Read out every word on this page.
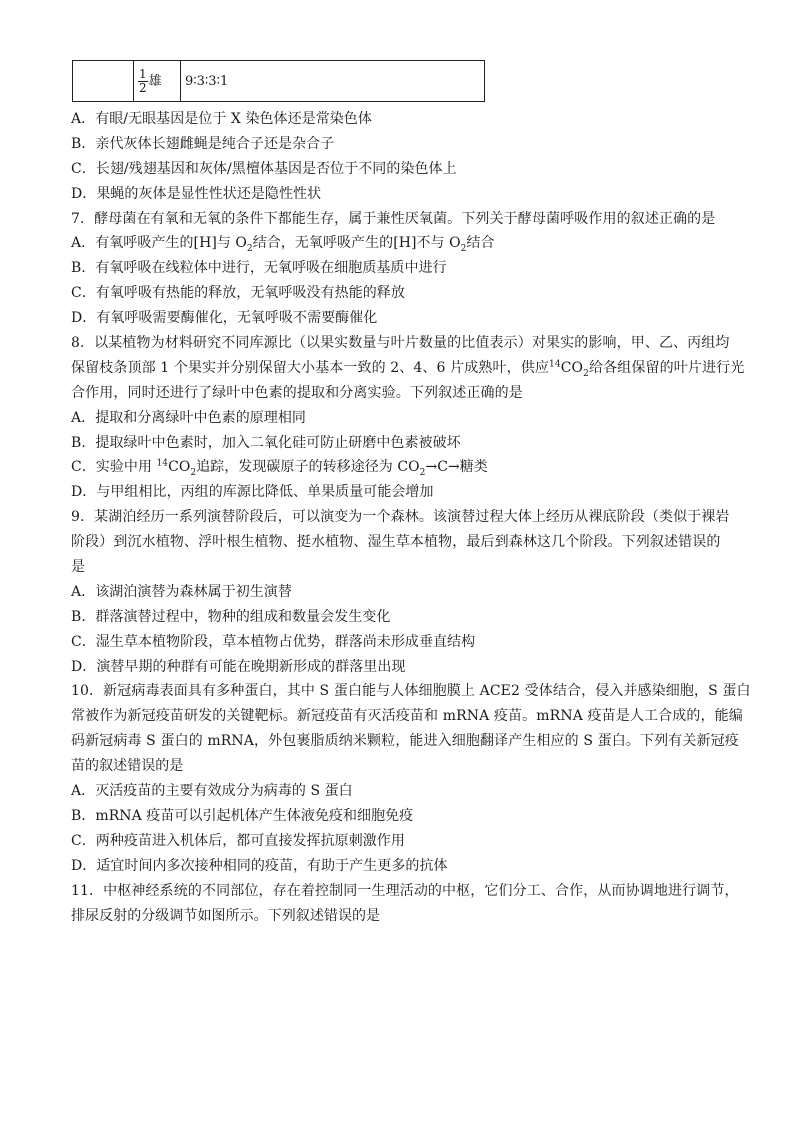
$\frac{1}{2}$ 雄	9∶3∶3∶1
A．有眼/无眼基因是位于 X 染色体还是常染色体
B．亲代灰体长翅雌蝇是纯合子还是杂合子
C．长翅/残翅基因和灰体/黑檀体基因是否位于不同的染色体上
D．果蝇的灰体是显性性状还是隐性性状
7．酵母菌在有氧和无氧的条件下都能生存，属于兼性厌氧菌。下列关于酵母菌呼吸作用的叙述正确的是
A．有氧呼吸产生的[H]与 $O_2$结合，无氧呼吸产生的[H]不与 $O_2$结合
B．有氧呼吸在线粒体中进行，无氧呼吸在细胞质基质中进行
C．有氧呼吸有热能的释放，无氧呼吸没有热能的释放
D．有氧呼吸需要酶催化，无氧呼吸不需要酶催化
8．以某植物为材料研究不同库源比（以果实数量与叶片数量的比值表示）对果实的影响，甲、乙、丙组均
保留枝条顶部 1 个果实并分别保留大小基本一致的 2、4、6 片成熟叶，供应$^{14}CO_2$给各组保留的叶片进行光
合作用，同时还进行了绿叶中色素的提取和分离实验。下列叙述正确的是
A．提取和分离绿叶中色素的原理相同
B．提取绿叶中色素时，加入二氧化硅可防止研磨中色素被破坏
C．实验中用 $^{14}CO_2$追踪，发现碳原子的转移途径为 $CO_2\to C\to$糖类
D．与甲组相比，丙组的库源比降低、单果质量可能会增加
9．某湖泊经历一系列演替阶段后，可以演变为一个森林。该演替过程大体上经历从裸底阶段（类似于裸岩
阶段）到沉水植物、浮叶根生植物、挺水植物、湿生草本植物，最后到森林这几个阶段。下列叙述错误的
是
A．该湖泊演替为森林属于初生演替
B．群落演替过程中，物种的组成和数量会发生变化
C．湿生草本植物阶段，草本植物占优势，群落尚未形成垂直结构
D．演替早期的种群有可能在晚期新形成的群落里出现
10．新冠病毒表面具有多种蛋白，其中 S 蛋白能与人体细胞膜上 ACE2 受体结合，侵入并感染细胞，S 蛋白
常被作为新冠疫苗研发的关键靶标。新冠疫苗有灭活疫苗和 mRNA 疫苗。mRNA 疫苗是人工合成的，能编
码新冠病毒 S 蛋白的 mRNA，外包裹脂质纳米颗粒，能进入细胞翻译产生相应的 S 蛋白。下列有关新冠疫
苗的叙述错误的是
A．灭活疫苗的主要有效成分为病毒的 S 蛋白
B．mRNA 疫苗可以引起机体产生体液免疫和细胞免疫
C．两种疫苗进入机体后，都可直接发挥抗原刺激作用
D．适宜时间内多次接种相同的疫苗，有助于产生更多的抗体
11．中枢神经系统的不同部位，存在着控制同一生理活动的中枢，它们分工、合作，从而协调地进行调节，
排尿反射的分级调节如图所示。下列叙述错误的是
